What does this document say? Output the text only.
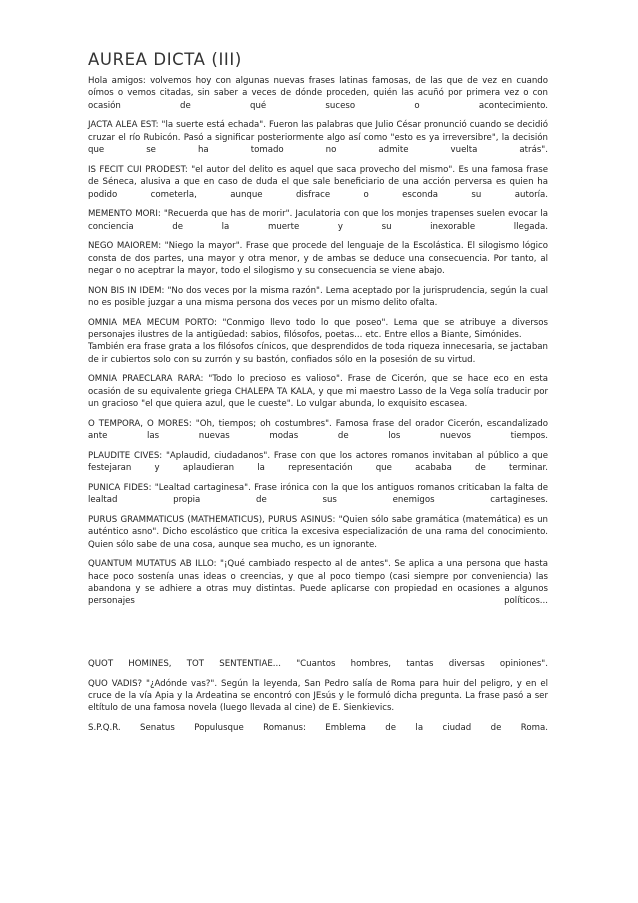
AUREA DICTA (III)

Hola amigos: volvemos hoy con algunas nuevas frases latinas famosas, de las que de vez en cuando oímos o vemos citadas, sin saber a veces de dónde proceden, quién las acuñó por primera vez o con ocasión de qué suceso o acontecimiento.

JACTA ALEA EST: "la suerte está echada". Fueron las palabras que Julio César pronunció cuando se decidió cruzar el río Rubicón. Pasó a significar posteriormente algo así como "esto es ya irreversibre", la decisión que se ha tomado no admite vuelta atrás".

IS FECIT CUI PRODEST: "el autor del delito es aquel que saca provecho del mismo". Es una famosa frase de Séneca, alusiva a que en caso de duda el que sale beneficiario de una acción perversa es quien ha podido cometerla, aunque disfrace o esconda su autoría.

MEMENTO MORI: "Recuerda que has de morir". Jaculatoria con que los monjes trapenses suelen evocar la conciencia de la muerte y su inexorable llegada.

NEGO MAIOREM: "Niego la mayor". Frase que procede del lenguaje de la Escolástica. El silogismo lógico consta de dos partes, una mayor y otra menor, y de ambas se deduce una consecuencia. Por tanto, al negar o no aceptrar la mayor, todo el silogismo y su consecuencia se viene abajo.

NON BIS IN IDEM: "No dos veces por la misma razón". Lema aceptado por la jurisprudencia, según la cual no es posible juzgar a una misma persona dos veces por un mismo delito ofalta.

OMNIA MEA MECUM PORTO: "Conmigo llevo todo lo que poseo". Lema que se atribuye a diversos personajes ilustres de la antigüedad: sabios, filósofos, poetas... etc. Entre ellos a Biante, Simónides.

También era frase grata a los filósofos cínicos, que desprendidos de toda riqueza innecesaria, se jactaban de ir cubiertos solo con su zurrón y su bastón, confiados sólo en la posesión de su virtud.

OMNIA PRAECLARA RARA: "Todo lo precioso es valioso". Frase de Cicerón, que se hace eco en esta ocasión de su equivalente griega CHALEPA TA KALA, y que mi maestro Lasso de la Vega solía traducir por un gracioso "el que quiera azul, que le cueste". Lo vulgar abunda, lo exquisito escasea.

O TEMPORA, O MORES: "Oh, tiempos; oh costumbres". Famosa frase del orador Cicerón, escandalizado ante las nuevas modas de los nuevos tiempos.

PLAUDITE CIVES: "Aplaudid, ciudadanos". Frase con que los actores romanos invitaban al público a que festejaran y aplaudieran la representación que acababa de terminar.

PUNICA FIDES: "Lealtad cartaginesa". Frase irónica con la que los antiguos romanos criticaban la falta de lealtad propia de sus enemigos cartagineses.

PURUS GRAMMATICUS (MATHEMATICUS), PURUS ASINUS: "Quien sólo sabe gramática (matemática) es un auténtico asno". Dicho escolástico que critica la excesiva especialización de una rama del conocimiento. Quien sólo sabe de una cosa, aunque sea mucho, es un ignorante.

QUANTUM MUTATUS AB ILLO: "¡Qué cambiado respecto al de antes". Se aplica a una persona que hasta hace poco sostenía unas ideas o creencias, y que al poco tiempo (casi siempre por conveniencia) las abandona y se adhiere a otras muy distintas. Puede aplicarse con propiedad en ocasiones a algunos personajes políticos...

QUOT HOMINES, TOT SENTENTIAE... "Cuantos hombres, tantas diversas opiniones".

QUO VADIS? "¿Adónde vas?". Según la leyenda, San Pedro salía de Roma para huir del peligro, y en el cruce de la vía Apia y la Ardeatina se encontró con JEsús y le formuló dicha pregunta. La frase pasó a ser eltítulo de una famosa novela (luego llevada al cine) de E. Sienkievics.

S.P.Q.R. Senatus Populusque Romanus: Emblema de la ciudad de Roma.
